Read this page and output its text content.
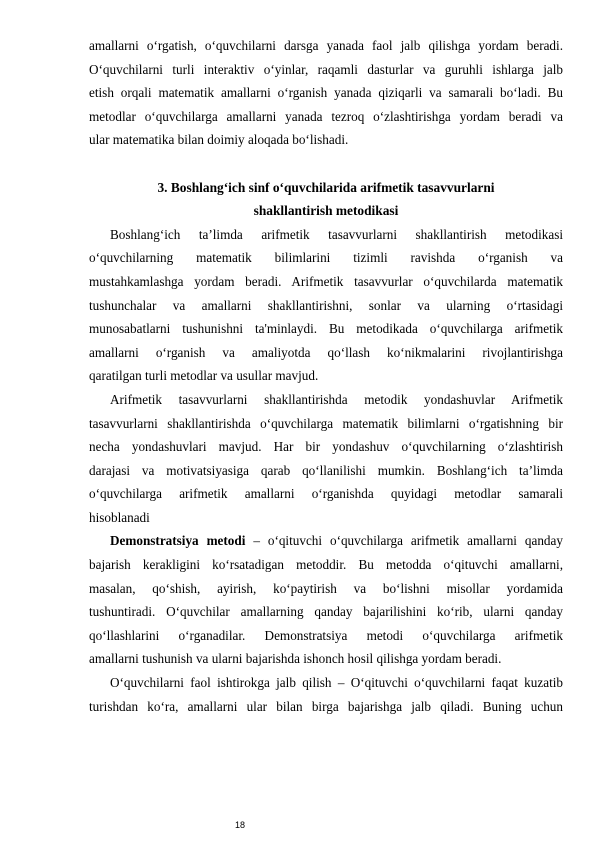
amallarni o‘rgatish, o‘quvchilarni darsga yanada faol jalb qilishga yordam beradi.

O‘quvchilarni turli interaktiv o‘yinlar, raqamli dasturlar va guruhli ishlarga jalb

etish orqali matematik amallarni o‘rganish yanada qiziqarli va samarali bo‘ladi. Bu

metodlar o‘quvchilarga amallarni yanada tezroq o‘zlashtirishga yordam beradi va

ular matematika bilan doimiy aloqada bo‘lishadi.

3. Boshlang‘ich sinf o‘quvchilarida arifmetik tasavvurlarni
shakllantirish metodikasi

Boshlang‘ich ta’limda arifmetik tasavvurlarni shakllantirish metodikasi

o‘quvchilarning matematik bilimlarini tizimli ravishda o‘rganish va

mustahkamlashga yordam beradi. Arifmetik tasavvurlar o‘quvchilarda matematik

tushunchalar va amallarni shakllantirishni, sonlar va ularning o‘rtasidagi

munosabatlarni tushunishni ta'minlaydi. Bu metodikada o‘quvchilarga arifmetik

amallarni o‘rganish va amaliyotda qo‘llash ko‘nikmalarini rivojlantirishga

qaratilgan turli metodlar va usullar mavjud.

Arifmetik tasavvurlarni shakllantirishda metodik yondashuvlar Arifmetik

tasavvurlarni shakllantirishda o‘quvchilarga matematik bilimlarni o‘rgatishning bir

necha yondashuvlari mavjud. Har bir yondashuv o‘quvchilarning o‘zlashtirish

darajasi va motivatsiyasiga qarab qo‘llanilishi mumkin. Boshlang‘ich ta’limda

o‘quvchilarga arifmetik amallarni o‘rganishda quyidagi metodlar samarali

hisoblanadi

Demonstratsiya metodi – o‘qituvchi o‘quvchilarga arifmetik amallarni qanday

bajarish kerakligini ko‘rsatadigan metoddir. Bu metodda o‘qituvchi amallarni,

masalan, qo‘shish, ayirish, ko‘paytirish va bo‘lishni misollar yordamida

tushuntiradi. O‘quvchilar amallarning qanday bajarilishini ko‘rib, ularni qanday

qo‘llashlarini o‘rganadilar. Demonstratsiya metodi o‘quvchilarga arifmetik

amallarni tushunish va ularni bajarishda ishonch hosil qilishga yordam beradi.

O‘quvchilarni faol ishtirokga jalb qilish – O‘qituvchi o‘quvchilarni faqat kuzatib

turishdan ko‘ra, amallarni ular bilan birga bajarishga jalb qiladi. Buning uchun

18
